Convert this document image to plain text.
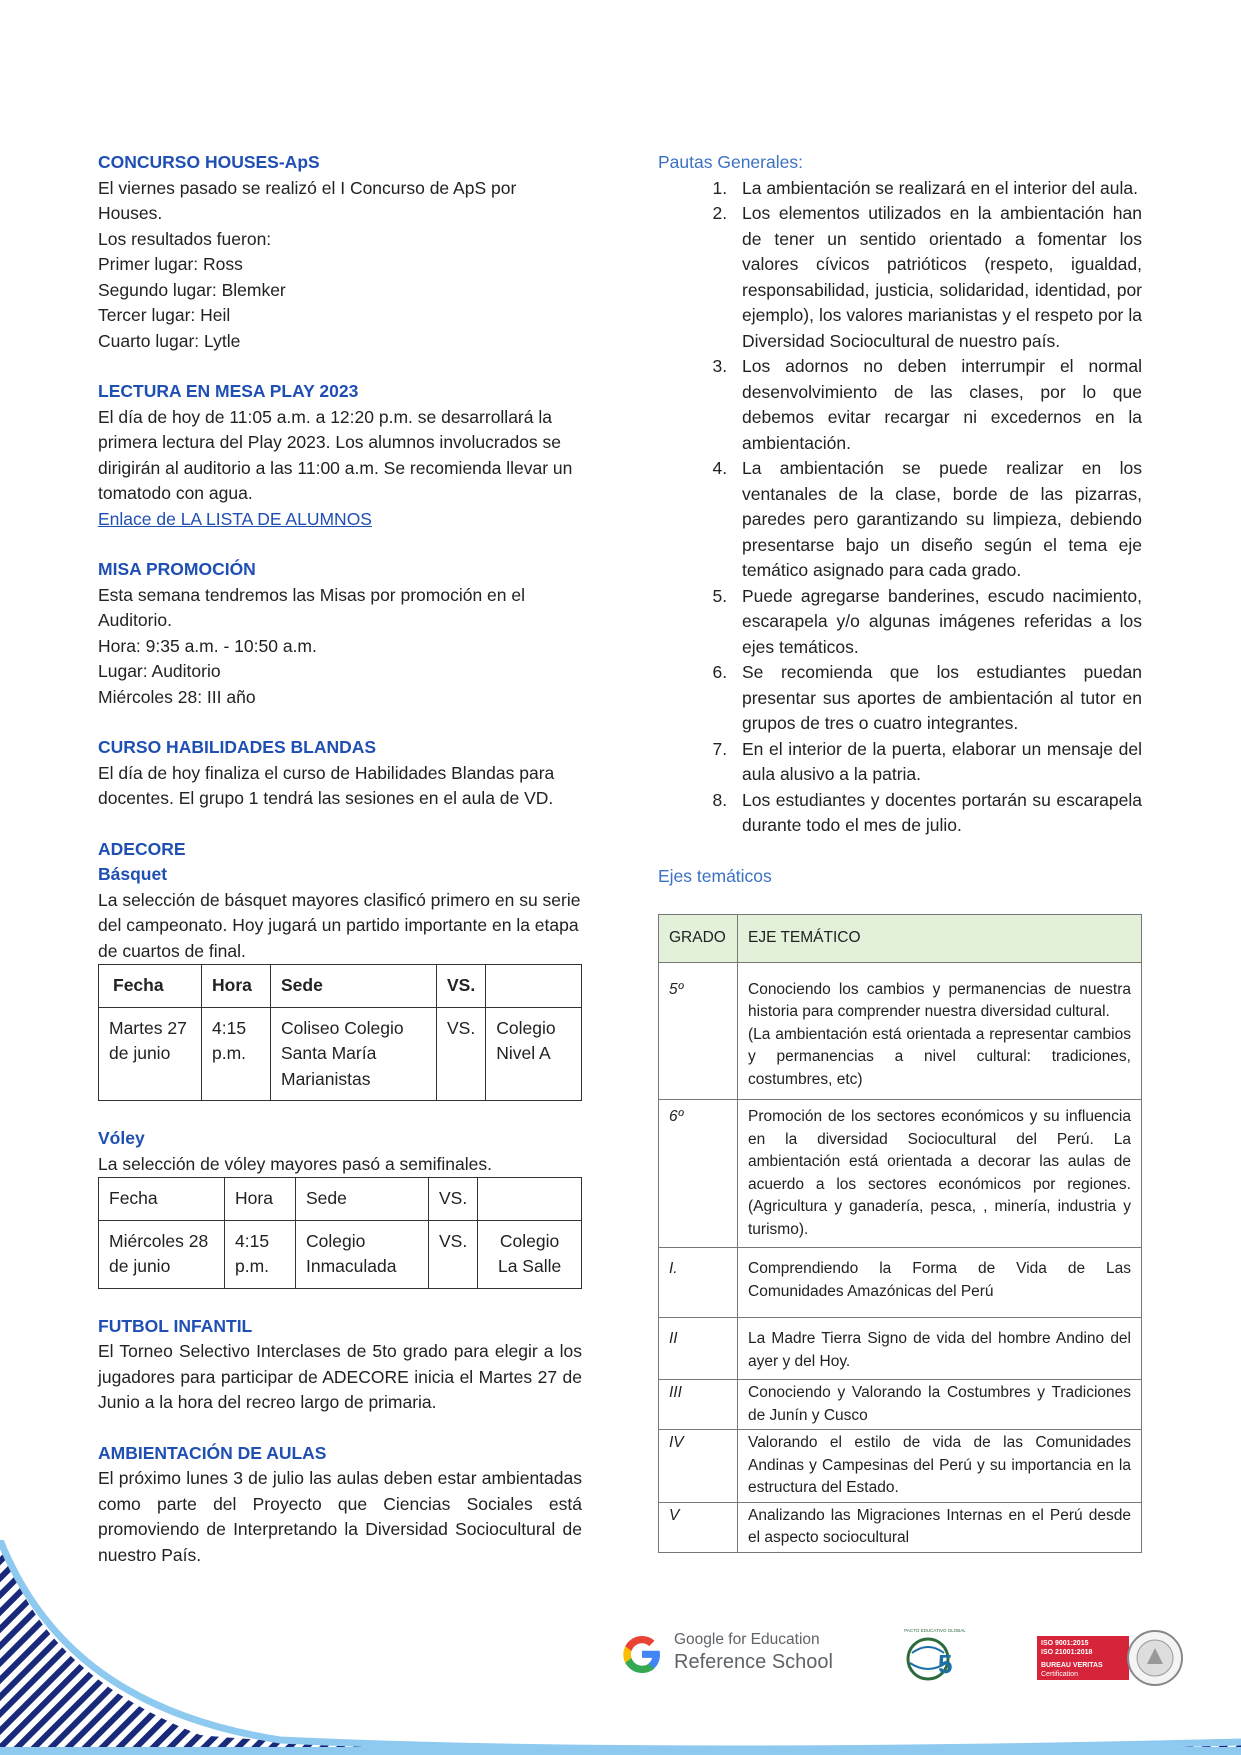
CONCURSO HOUSES-ApS

El viernes pasado se realizó el I Concurso de ApS por Houses.

Los resultados fueron:

Primer lugar: Ross

Segundo lugar: Blemker

Tercer lugar: Heil

Cuarto lugar: Lytle

LECTURA EN MESA PLAY 2023

El día de hoy de 11:05 a.m. a 12:20 p.m. se desarrollará la primera lectura del Play 2023. Los alumnos involucrados se dirigirán al auditorio a las 11:00 a.m. Se recomienda llevar un tomatodo con agua.

Enlace de LA LISTA DE ALUMNOS

MISA PROMOCIÓN

Esta semana tendremos las Misas por promoción en el Auditorio.

Hora: 9:35 a.m. - 10:50 a.m.

Lugar: Auditorio

Miércoles 28: III año

CURSO HABILIDADES BLANDAS

El día de hoy finaliza el curso de Habilidades Blandas para docentes. El grupo 1 tendrá las sesiones en el aula de VD.

ADECORE

Básquet

La selección de básquet mayores clasificó primero en su serie del campeonato. Hoy jugará un partido importante en la etapa de cuartos de final.

Fecha	Hora	Sede	VS.	
Martes 27 de junio	4:15 p.m.	Coliseo Colegio Santa María Marianistas	VS.	Colegio Nivel A

Vóley

La selección de vóley mayores pasó a semifinales.

Fecha	Hora	Sede	VS.	
Miércoles 28 de junio	4:15 p.m.	Colegio Inmaculada	VS.	Colegio La Salle

FUTBOL INFANTIL

El Torneo Selectivo Interclases de 5to grado para elegir a los jugadores para participar de ADECORE inicia el Martes 27 de Junio a la hora del recreo largo de primaria.

AMBIENTACIÓN DE AULAS

El próximo lunes 3 de julio las aulas deben estar ambientadas como parte del Proyecto que Ciencias Sociales está promoviendo de Interpretando la Diversidad Sociocultural de nuestro País.

Pautas Generales:

1. La ambientación se realizará en el interior del aula.
2. Los elementos utilizados en la ambientación han de tener un sentido orientado a fomentar los valores cívicos patrióticos (respeto, igualdad, responsabilidad, justicia, solidaridad, identidad, por ejemplo), los valores marianistas y el respeto por la Diversidad Sociocultural de nuestro país.
3. Los adornos no deben interrumpir el normal desenvolvimiento de las clases, por lo que debemos evitar recargar ni excedernos en la ambientación.
4. La ambientación se puede realizar en los ventanales de la clase, borde de las pizarras, paredes pero garantizando su limpieza, debiendo presentarse bajo un diseño según el tema eje temático asignado para cada grado.
5. Puede agregarse banderines, escudo nacimiento, escarapela y/o algunas imágenes referidas a los ejes temáticos.
6. Se recomienda que los estudiantes puedan presentar sus aportes de ambientación al tutor en grupos de tres o cuatro integrantes.
7. En el interior de la puerta, elaborar un mensaje del aula alusivo a la patria.
8. Los estudiantes y docentes portarán su escarapela durante todo el mes de julio.

Ejes temáticos

GRADO	EJE TEMÁTICO
5º	Conociendo los cambios y permanencias de nuestra historia para comprender nuestra diversidad cultural.
(La ambientación está orientada a representar cambios y permanencias a nivel cultural: tradiciones, costumbres, etc)

6º	Promoción de los sectores económicos y su influencia en la diversidad Sociocultural del Perú. La ambientación está orientada a decorar las aulas de acuerdo a los sectores económicos por regiones. (Agricultura y ganadería, pesca, , minería, industria y turismo).
I.	Comprendiendo la Forma de Vida de Las Comunidades Amazónicas del Perú
II	La Madre Tierra Signo de vida del hombre Andino del ayer y del Hoy.
III	Conociendo y Valorando la Costumbres y Tradiciones de Junín y Cusco
IV	Valorando el estilo de vida de las Comunidades Andinas y Campesinas del Perú y su importancia en la estructura del Estado.
V	Analizando las Migraciones Internas en el Perú desde el aspecto sociocultural
Google for Education
Reference School
PACTO EDUCATIVO GLOBAL
5
ISO 9001:2015
ISO 21001:2018
BUREAU VERITAS
Certification
